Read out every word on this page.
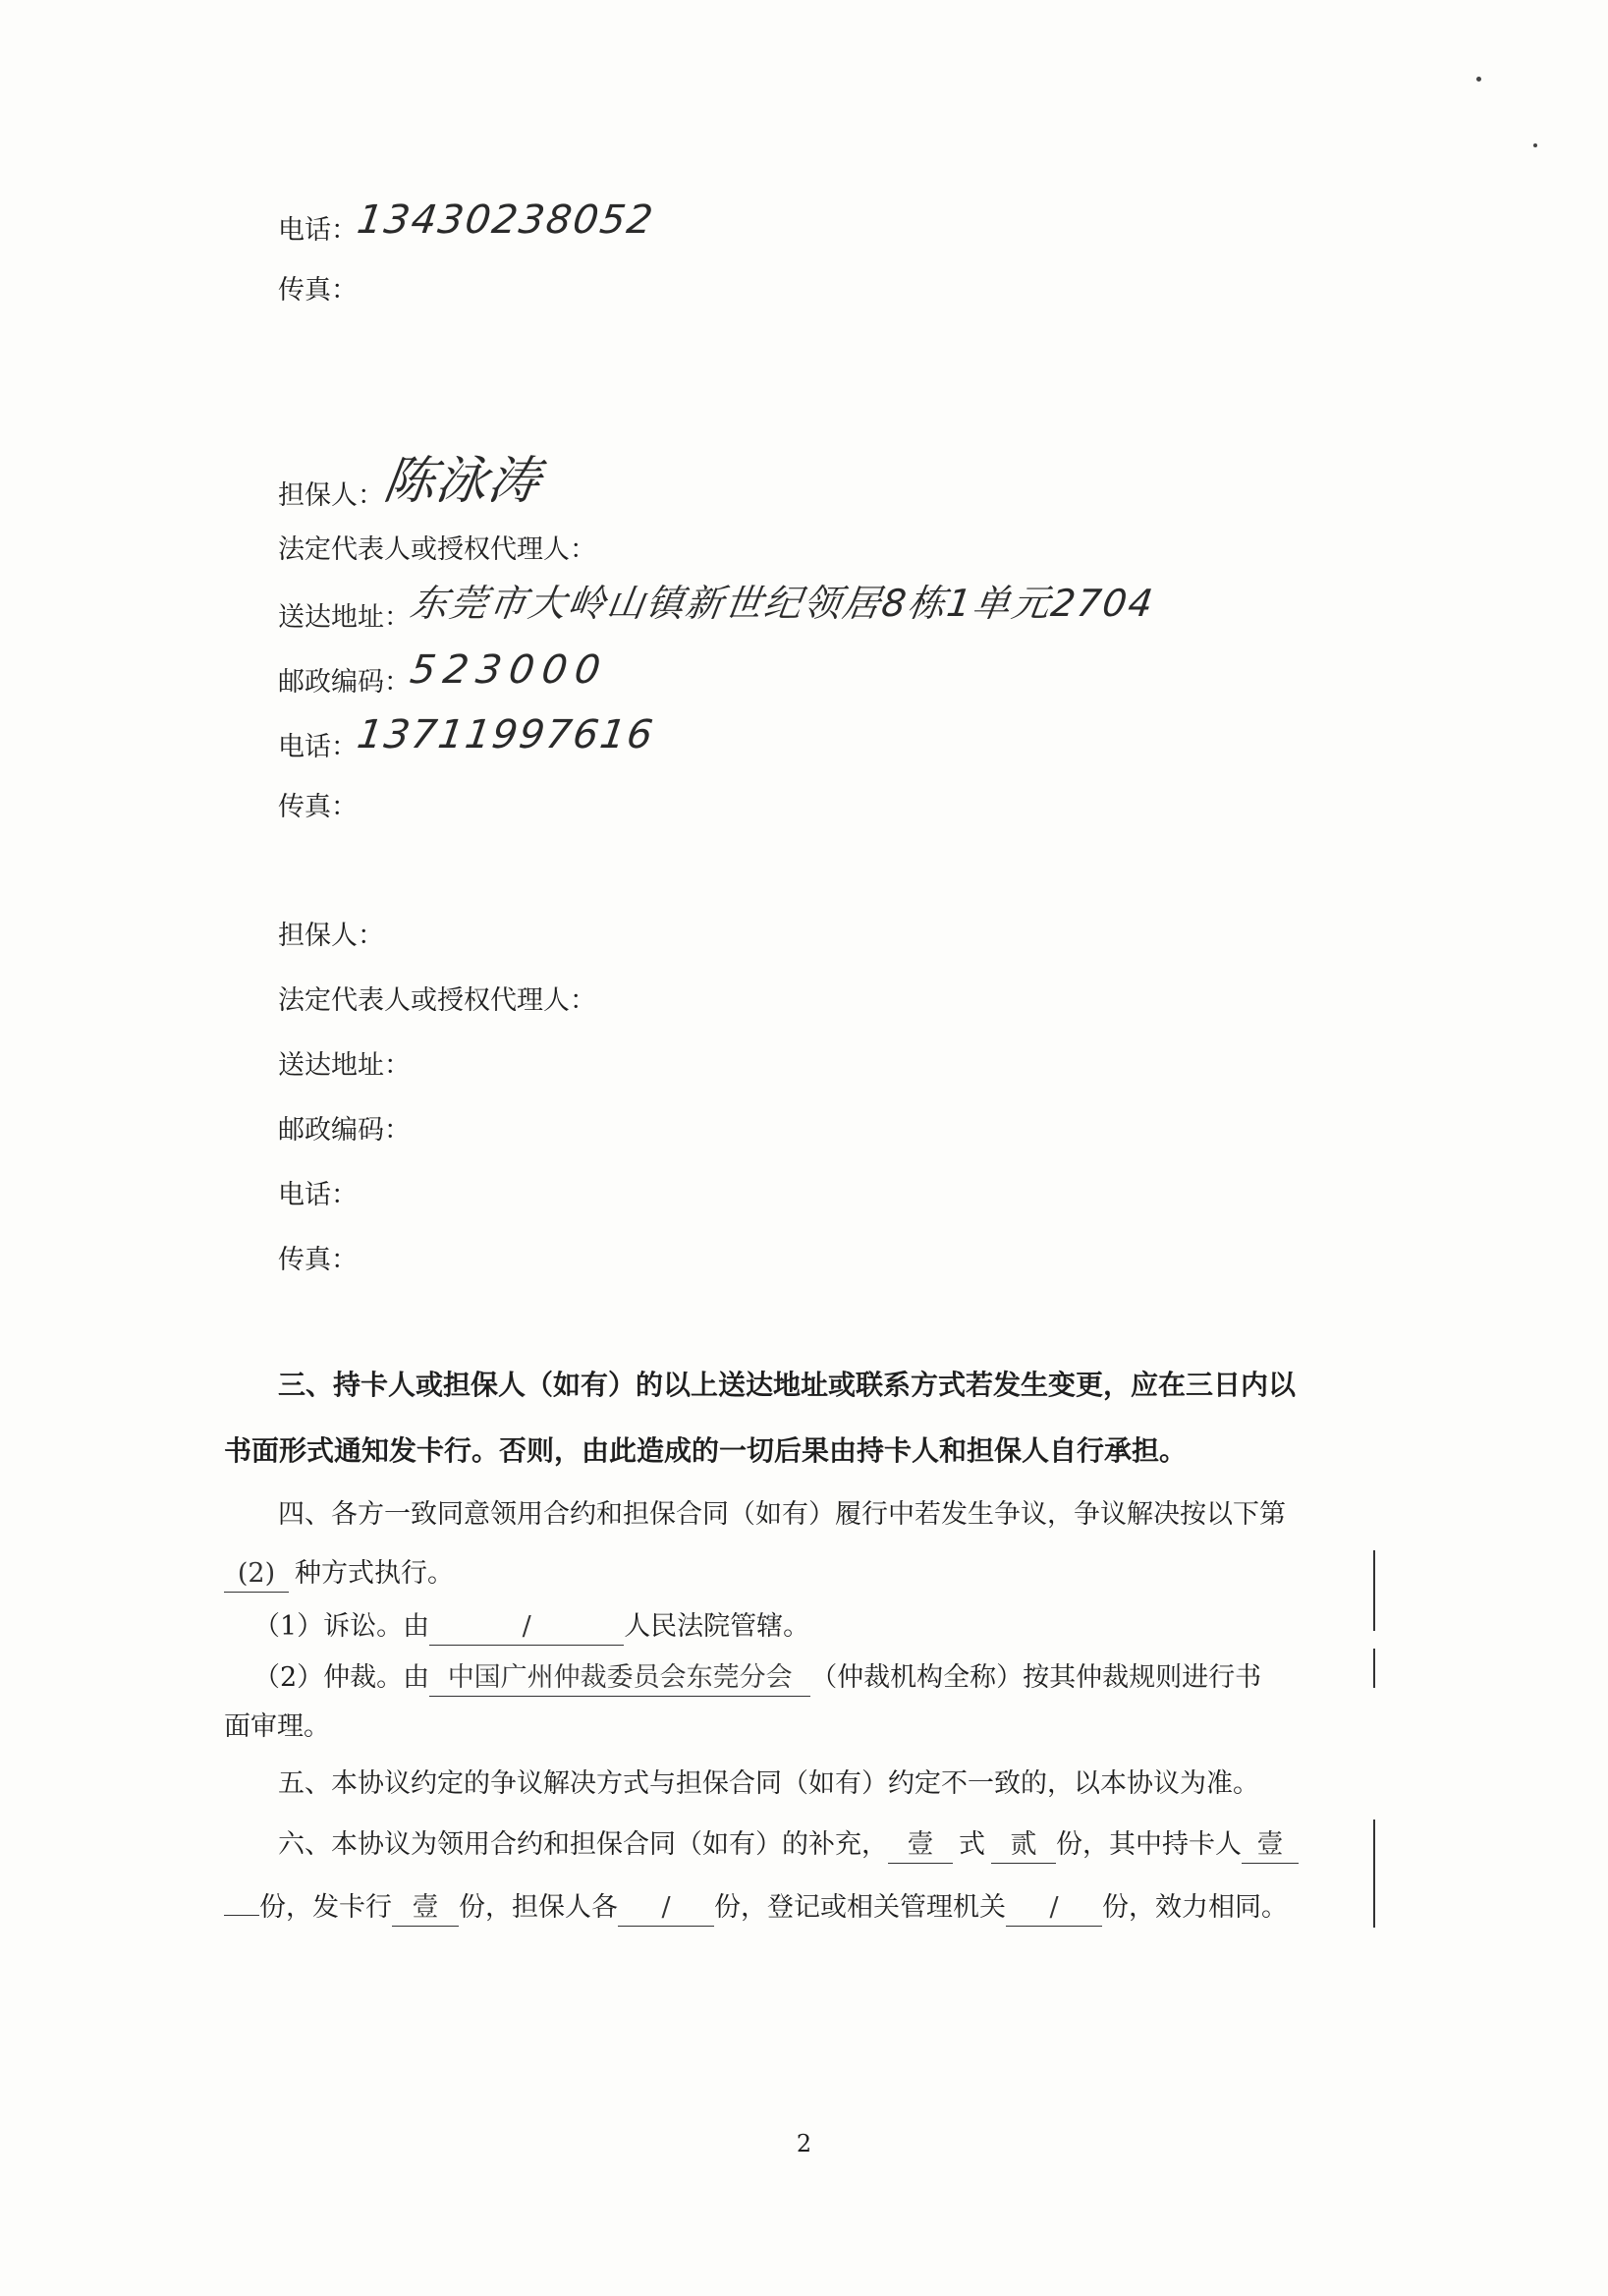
电话：13430238052
传真：
担保人：陈泳涛
法定代表人或授权代理人：
送达地址：东莞市大岭山镇新世纪领居8栋1单元2704
邮政编码：523000
电话：13711997616
传真：
担保人：
法定代表人或授权代理人：
送达地址：
邮政编码：
电话：
传真：
三、持卡人或担保人（如有）的以上送达地址或联系方式若发生变更，应在三日内以
书面形式通知发卡行。否则，由此造成的一切后果由持卡人和担保人自行承担。
四、各方一致同意领用合约和担保合同（如有）履行中若发生争议，争议解决按以下第
(2) 种方式执行。
（1）诉讼。由	/	人民法院管辖。
（2）仲裁。由 中国广州仲裁委员会东莞分会 （仲裁机构全称）按其仲裁规则进行书
面审理。
五、本协议约定的争议解决方式与担保合同（如有）约定不一致的，以本协议为准。
六、本协议为领用合约和担保合同（如有）的补充， 壹 式 贰 份，其中持卡人 壹
份，发卡行 壹 份，担保人各 / 份，登记或相关管理机关 / 份，效力相同。
2
